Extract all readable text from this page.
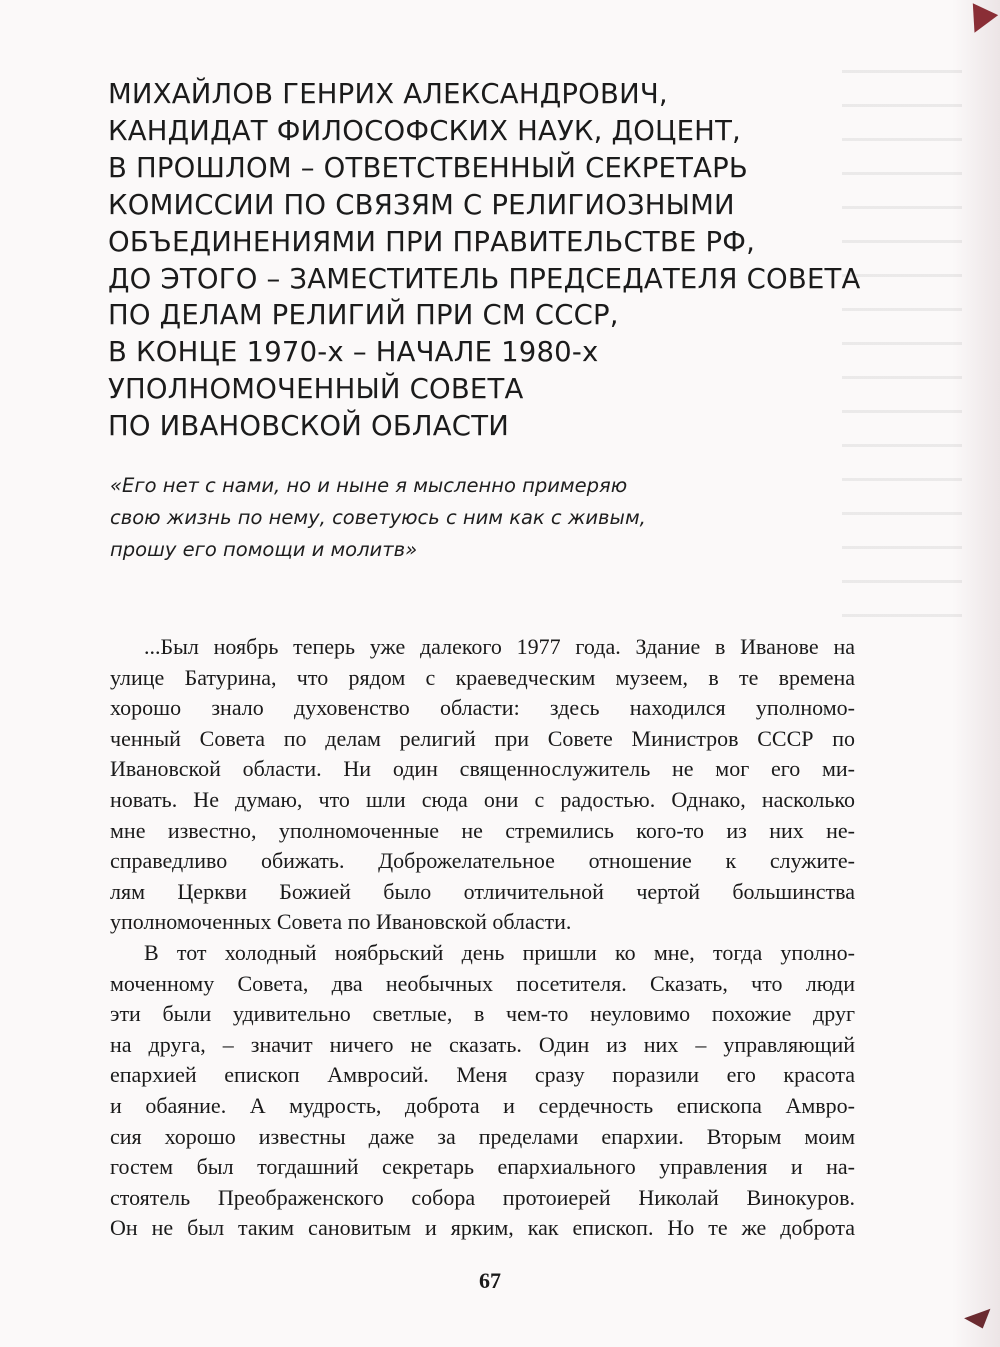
МИХАЙЛОВ ГЕНРИХ АЛЕКСАНДРОВИЧ,
КАНДИДАТ ФИЛОСОФСКИХ НАУК, ДОЦЕНТ,
В ПРОШЛОМ – ОТВЕТСТВЕННЫЙ СЕКРЕТАРЬ
КОМИССИИ ПО СВЯЗЯМ С РЕЛИГИОЗНЫМИ
ОБЪЕДИНЕНИЯМИ ПРИ ПРАВИТЕЛЬСТВЕ РФ,
ДО ЭТОГО – ЗАМЕСТИТЕЛЬ ПРЕДСЕДАТЕЛЯ СОВЕТА
ПО ДЕЛАМ РЕЛИГИЙ ПРИ СМ СССР,
В КОНЦЕ 1970-х – НАЧАЛЕ 1980-х
УПОЛНОМОЧЕННЫЙ СОВЕТА
ПО ИВАНОВСКОЙ ОБЛАСТИ

«Его нет с нами, но и ныне я мысленно примеряю
свою жизнь по нему, советуюсь с ним как с живым,
прошу его помощи и молитв»

...Был ноябрь теперь уже далекого 1977 года. Здание в Иванове на
улице Батурина, что рядом с краеведческим музеем, в те времена
хорошо знало духовенство области: здесь находился уполномо-
ченный Совета по делам религий при Совете Министров СССР по
Ивановской области. Ни один священнослужитель не мог его ми-
новать. Не думаю, что шли сюда они с радостью. Однако, насколько
мне известно, уполномоченные не стремились кого-то из них не-
справедливо обижать. Доброжелательное отношение к служите-
лям Церкви Божией было отличительной чертой большинства
уполномоченных Совета по Ивановской области.
В тот холодный ноябрьский день пришли ко мне, тогда уполно-
моченному Совета, два необычных посетителя. Сказать, что люди
эти были удивительно светлые, в чем-то неуловимо похожие друг
на друга, – значит ничего не сказать. Один из них – управляющий
епархией епископ Амвросий. Меня сразу поразили его красота
и обаяние. А мудрость, доброта и сердечность епископа Амвро-
сия хорошо известны даже за пределами епархии. Вторым моим
гостем был тогдашний секретарь епархиального управления и на-
стоятель Преображенского собора протоиерей Николай Винокуров.
Он не был таким сановитым и ярким, как епископ. Но те же доброта
67
